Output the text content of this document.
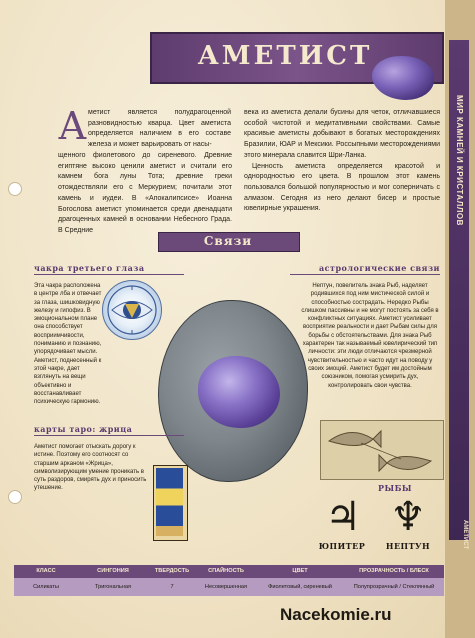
МИР КАМНЕЙ И КРИСТАЛЛОВ
АМЕТИСТ
АМЕТИСТ
А метист является полудрагоценной разновидностью кварца. Цвет аметиста определяется наличием в его составе железа и может варьировать от насы-
щенного фиолетового до сиреневого. Древние египтяне высоко ценили аметист и считали его камнем бога луны Тота; древние греки отождествляли его с Меркурием; почитали этот камень и иудеи. В «Апокалипсисе» Иоанна Богослова аметист упоминается среди двенадцати драгоценных камней в основании Небесного Града. В Средние
века из аметиста делали бусины для четок, отличавшиеся особой чистотой и медитативными свойствами. Самые красивые аметисты добывают в богатых месторождениях Бразилии, ЮАР и Мексики. Россыпными месторождениями этого минерала славится Шри-Ланка.
Ценность аметиста определяется красотой и однородностью его цвета. В прошлом этот камень пользовался большой популярностью и мог соперничать с алмазом. Сегодня из него делают бисер и простые ювелирные украшения.
Связи
чакра третьего глаза
Эта чакра расположена в центре лба и отвечает за глаза, шишковидную железу и гипофиз. В эмоциональном плане она способствует восприимчивости, пониманию и познанию, упорядочивает мысли. Аметист, поднесенный к этой чакре, дает взглянуть на вещи объективно и восстанавливает психическую гармонию.
астрологические связи
Нептун, повелитель знака Рыб, наделяет родившихся под ним мистической силой и способностью сострадать. Нередко Рыбы слишком пассивны и не могут постоять за себя в конфликтных ситуациях. Аметист усиливает восприятие реальности и дает Рыбам силы для борьбы с обстоятельствами. Для знака Рыб характерен так называемый ювелирический тип личности: эти люди отличаются чрезмерной чувствительностью и часто идут на поводу у своих эмоций. Аметист будет им достойным союзником, помогая усмирить дух, контролировать свои чувства.
РЫБЫ
♃
ЮПИТЕР
♆
НЕПТУН
карты таро: жрица
Аметист помогает отыскать дорогу к истине. Поэтому его соотносят со старшим арканом «Жрица», символизирующим умение проникать в суть раздоров, смирять дух и приносить утешение.
КЛАСС	СИНГОНИЯ	ТВЕРДОСТЬ	СПАЙНОСТЬ	ЦВЕТ	ПРОЗРАЧНОСТЬ / БЛЕСК
Силикаты	Тригональная	7	Несовершенная	Фиолетовый, сиреневый	Полупрозрачный / Стеклянный
Nacekomie.ru
